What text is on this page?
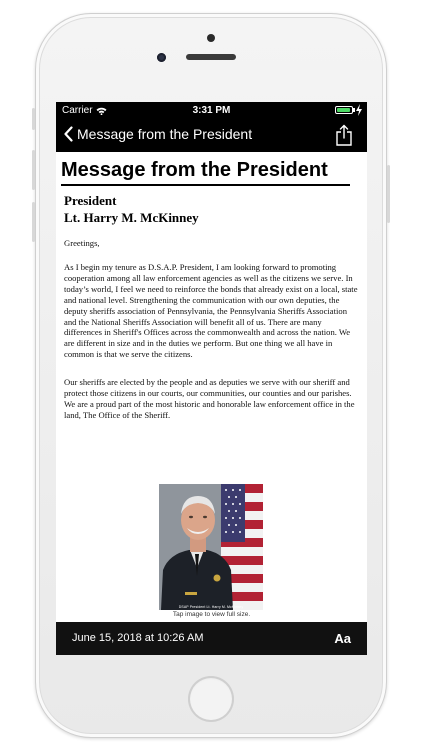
Carrier	3:31 PM
Message from the President
Message from the President

President

Lt. Harry M. McKinney

Greetings,

As I begin my tenure as D.S.A.P. President, I am looking forward to promoting cooperation among all law enforcement agencies as well as the citizens we serve. In today’s world, I feel we need to reinforce the bonds that already exist on a local, state and national level. Strengthening the communication with our own deputies, the deputy sheriffs association of Pennsylvania, the Pennsylvania Sheriffs Association and the National Sheriffs Association will benefit all of us. There are many differences in Sheriff's Offices across the commonwealth and across the nation. We are different in size and in the duties we perform. But one thing we all have in common is that we serve the citizens.

Our sheriffs are elected by the people and as deputies we serve with our sheriff and protect those citizens in our courts, our communities, our counties and our parishes. We are a proud part of the most historic and honorable law enforcement office in the land, The Office of the Sheriff.

DSAP President Lt. Harry M. McKinney
Tap image to view full size.
June 15, 2018 at 10:26 AM	Aa
